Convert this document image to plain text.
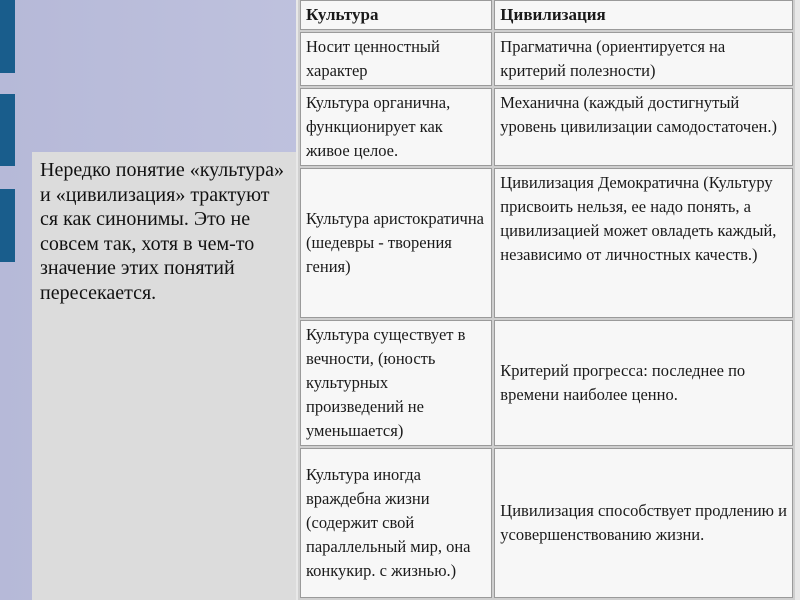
Нередко понятие «культура» и «цивилизация» трактуют ся как синонимы. Это не совсем так, хотя в чем-то значение этих понятий пересекается.

Культура	Цивилизация
Носит ценностный характер	Прагматична (ориентируется на критерий полезности)
Культура органична, функционирует как живое целое.	Механична (каждый достигнутый уровень цивилизации самодостаточен.)
Культура аристократична (шедевры - творения гения)	Цивилизация Демократична (Культуру присвоить нельзя, ее надо понять, а цивилизацией может овладеть каждый, независимо от личностных качеств.)
Культура существует в вечности, (юность культурных произведений не уменьшается)	Критерий прогресса: последнее по времени наиболее ценно.
Культура иногда враждебна жизни (содержит свой параллельный мир, она конкукир. с жизнью.)	Цивилизация способствует продлению и усовершенствованию жизни.
